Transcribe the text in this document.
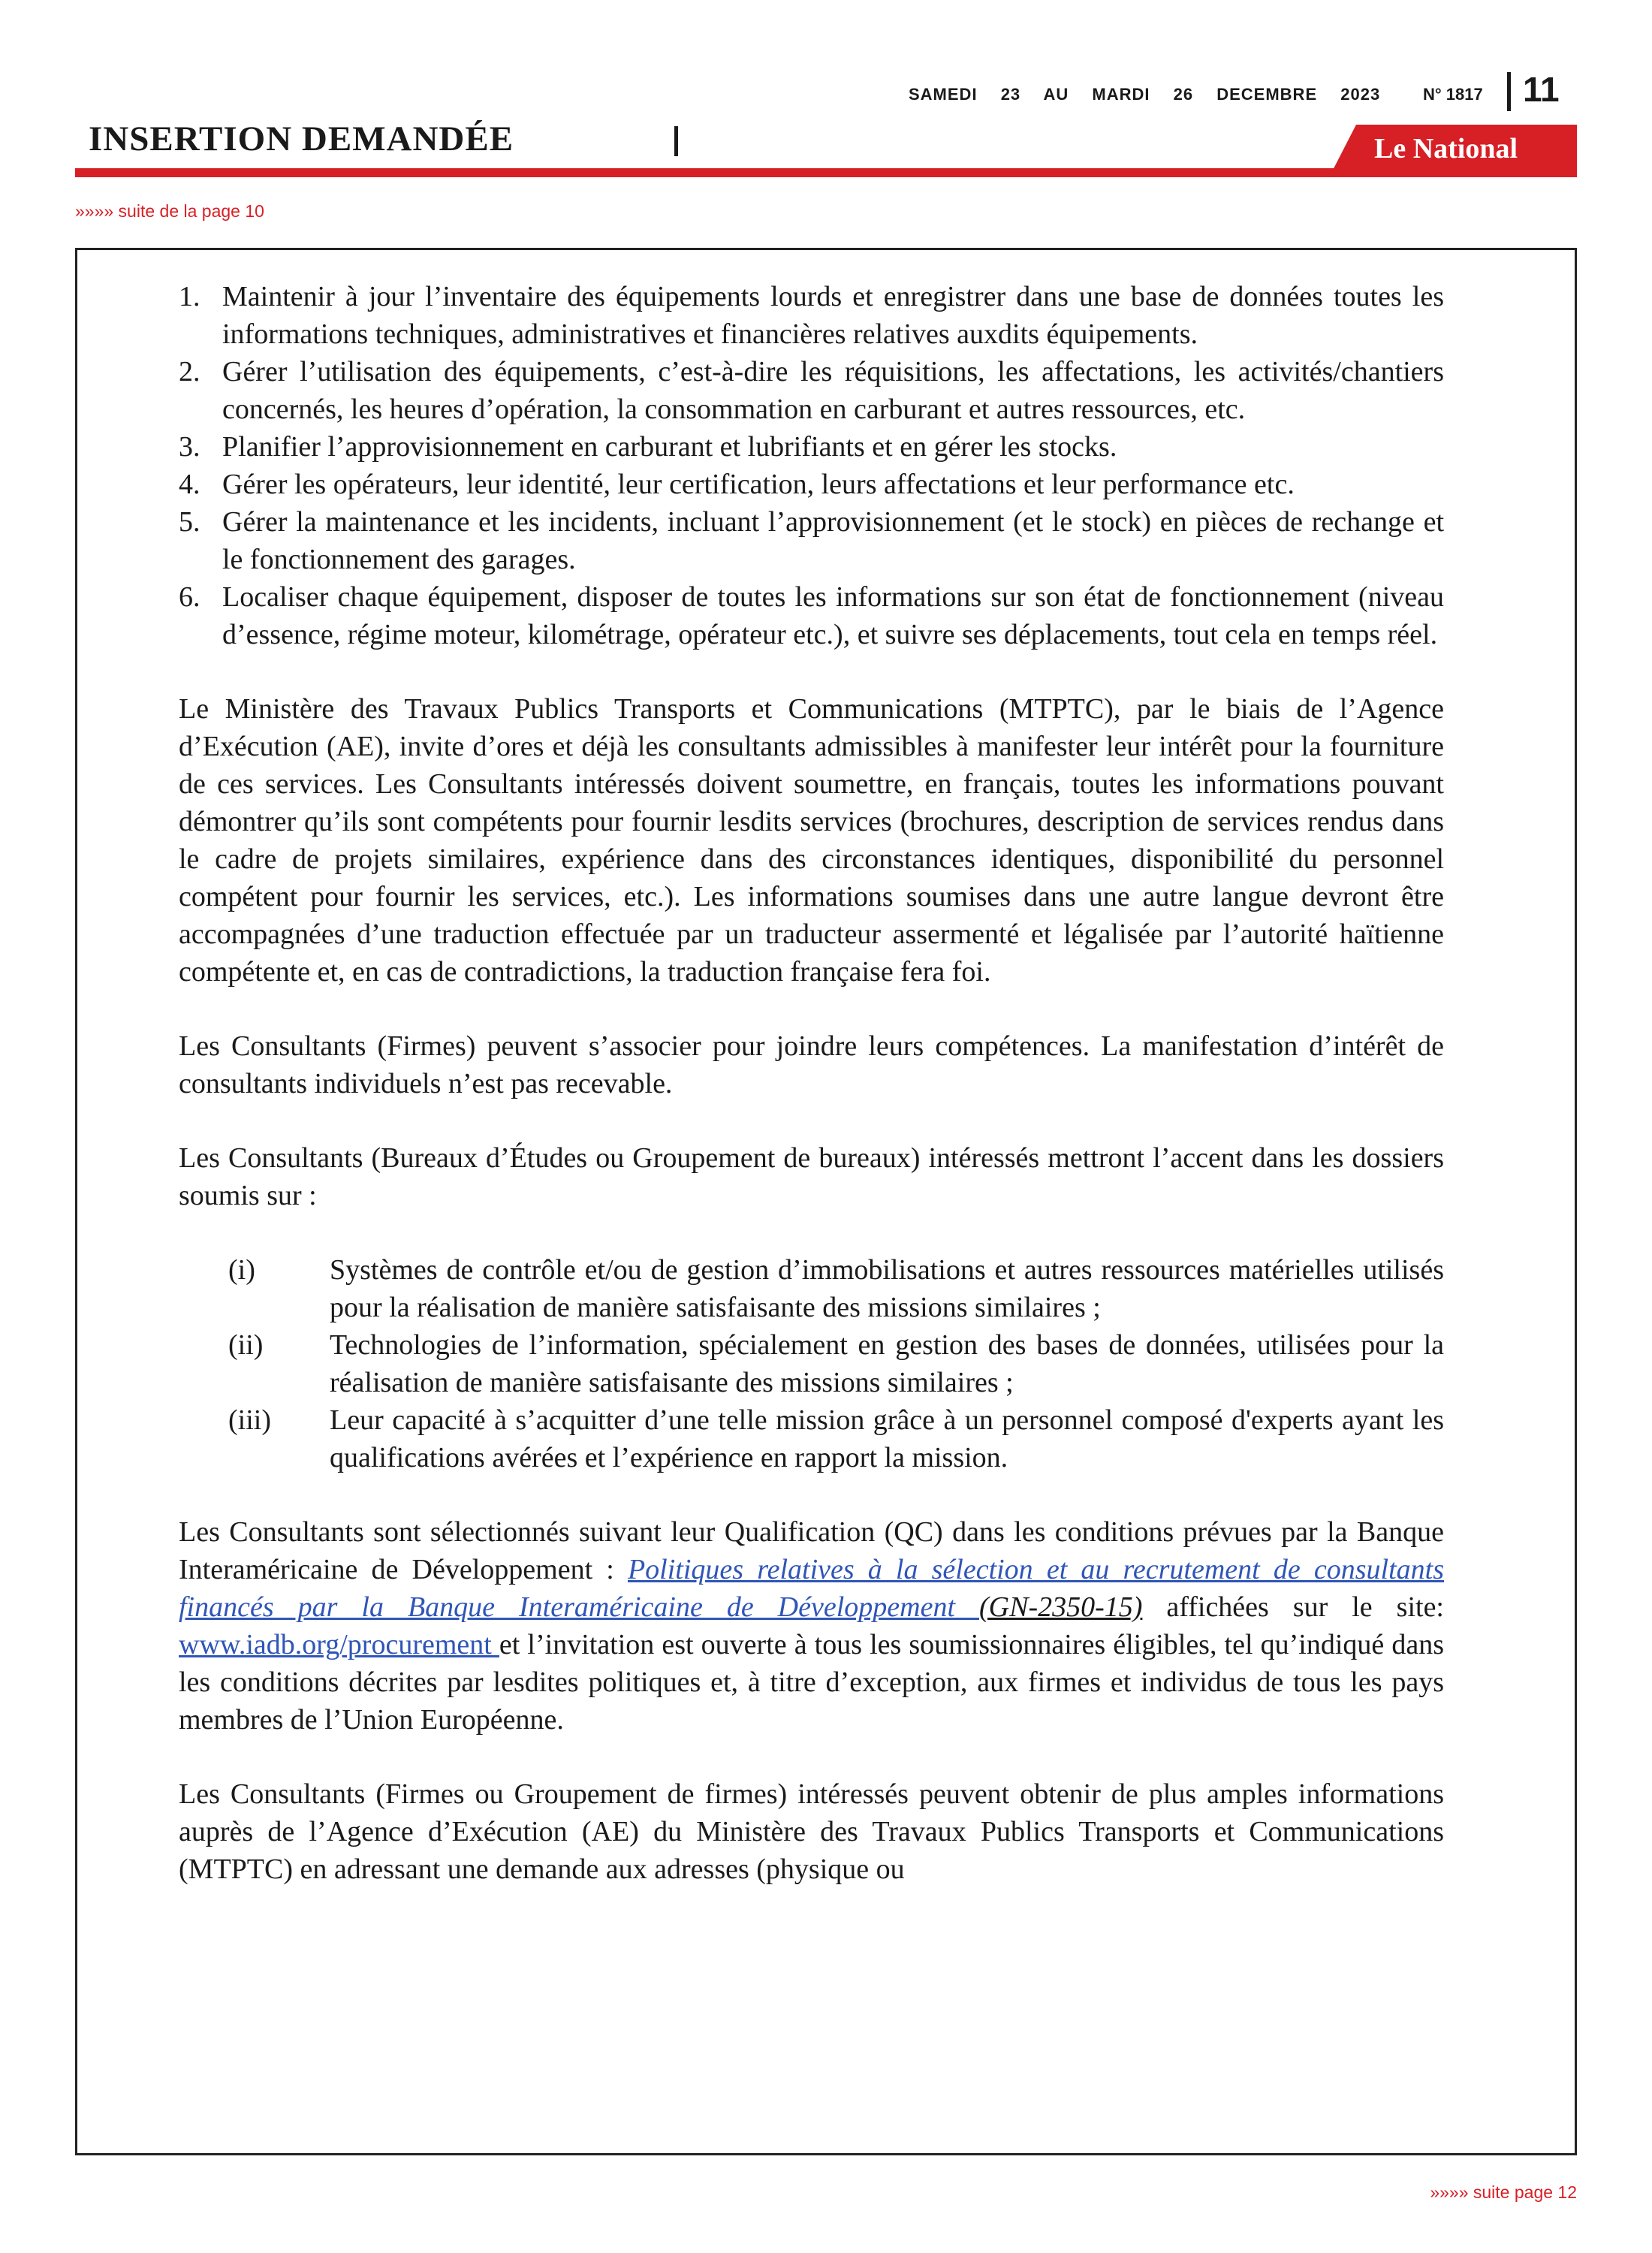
SAMEDI 23 AU MARDI 26 DECEMBRE 2023	N° 1817 11
INSERTION DEMANDÉE	Le National
»»»» suite de la page 10
1. Maintenir à jour l’inventaire des équipements lourds et enregistrer dans une base de données toutes les informations techniques, administratives et financières relatives auxdits équipements.
2. Gérer l’utilisation des équipements, c’est-à-dire les réquisitions, les affectations, les activités/chantiers concernés, les heures d’opération, la consommation en carburant et autres ressources, etc.
3. Planifier l’approvisionnement en carburant et lubrifiants et en gérer les stocks.
4. Gérer les opérateurs, leur identité, leur certification, leurs affectations et leur performance etc.
5. Gérer la maintenance et les incidents, incluant l’approvisionnement (et le stock) en pièces de rechange et le fonctionnement des garages.
6. Localiser chaque équipement, disposer de toutes les informations sur son état de fonctionnement (niveau d’essence, régime moteur, kilométrage, opérateur etc.), et suivre ses déplacements, tout cela en temps réel.

Le Ministère des Travaux Publics Transports et Communications (MTPTC), par le biais de l’Agence d’Exécution (AE), invite d’ores et déjà les consultants admissibles à manifester leur intérêt pour la fourniture de ces services. Les Consultants intéressés doivent soumettre, en français, toutes les informations pouvant démontrer qu’ils sont compétents pour fournir lesdits services (brochures, description de services rendus dans le cadre de projets similaires, expérience dans des circonstances identiques, disponibilité du personnel compétent pour fournir les services, etc.). Les informations soumises dans une autre langue devront être accompagnées d’une traduction effectuée par un traducteur assermenté et légalisée par l’autorité haïtienne compétente et, en cas de contradictions, la traduction française fera foi.

Les Consultants (Firmes) peuvent s’associer pour joindre leurs compétences. La manifestation d’intérêt de consultants individuels n’est pas recevable.

Les Consultants (Bureaux d’Études ou Groupement de bureaux) intéressés mettront l’accent dans les dossiers soumis sur :

(i)	Systèmes de contrôle et/ou de gestion d’immobilisations et autres ressources matérielles utilisés pour la réalisation de manière satisfaisante des missions similaires ;
(ii)	Technologies de l’information, spécialement en gestion des bases de données, utilisées pour la réalisation de manière satisfaisante des missions similaires ;
(iii)	Leur capacité à s’acquitter d’une telle mission grâce à un personnel composé d'experts ayant les qualifications avérées et l’expérience en rapport la mission.

Les Consultants sont sélectionnés suivant leur Qualification (QC) dans les conditions prévues par la Banque Interaméricaine de Développement : Politiques relatives à la sélection et au recrutement de consultants financés par la Banque Interaméricaine de Développement (GN-2350-15) affichées sur le site: www.iadb.org/procurement et l’invitation est ouverte à tous les soumissionnaires éligibles, tel qu’indiqué dans les conditions décrites par lesdites politiques et, à titre d’exception, aux firmes et individus de tous les pays membres de l’Union Européenne.

Les Consultants (Firmes ou Groupement de firmes) intéressés peuvent obtenir de plus amples informations auprès de l’Agence d’Exécution (AE) du Ministère des Travaux Publics Transports et Communications (MTPTC) en adressant une demande aux adresses (physique ou

»»»» suite page 12
